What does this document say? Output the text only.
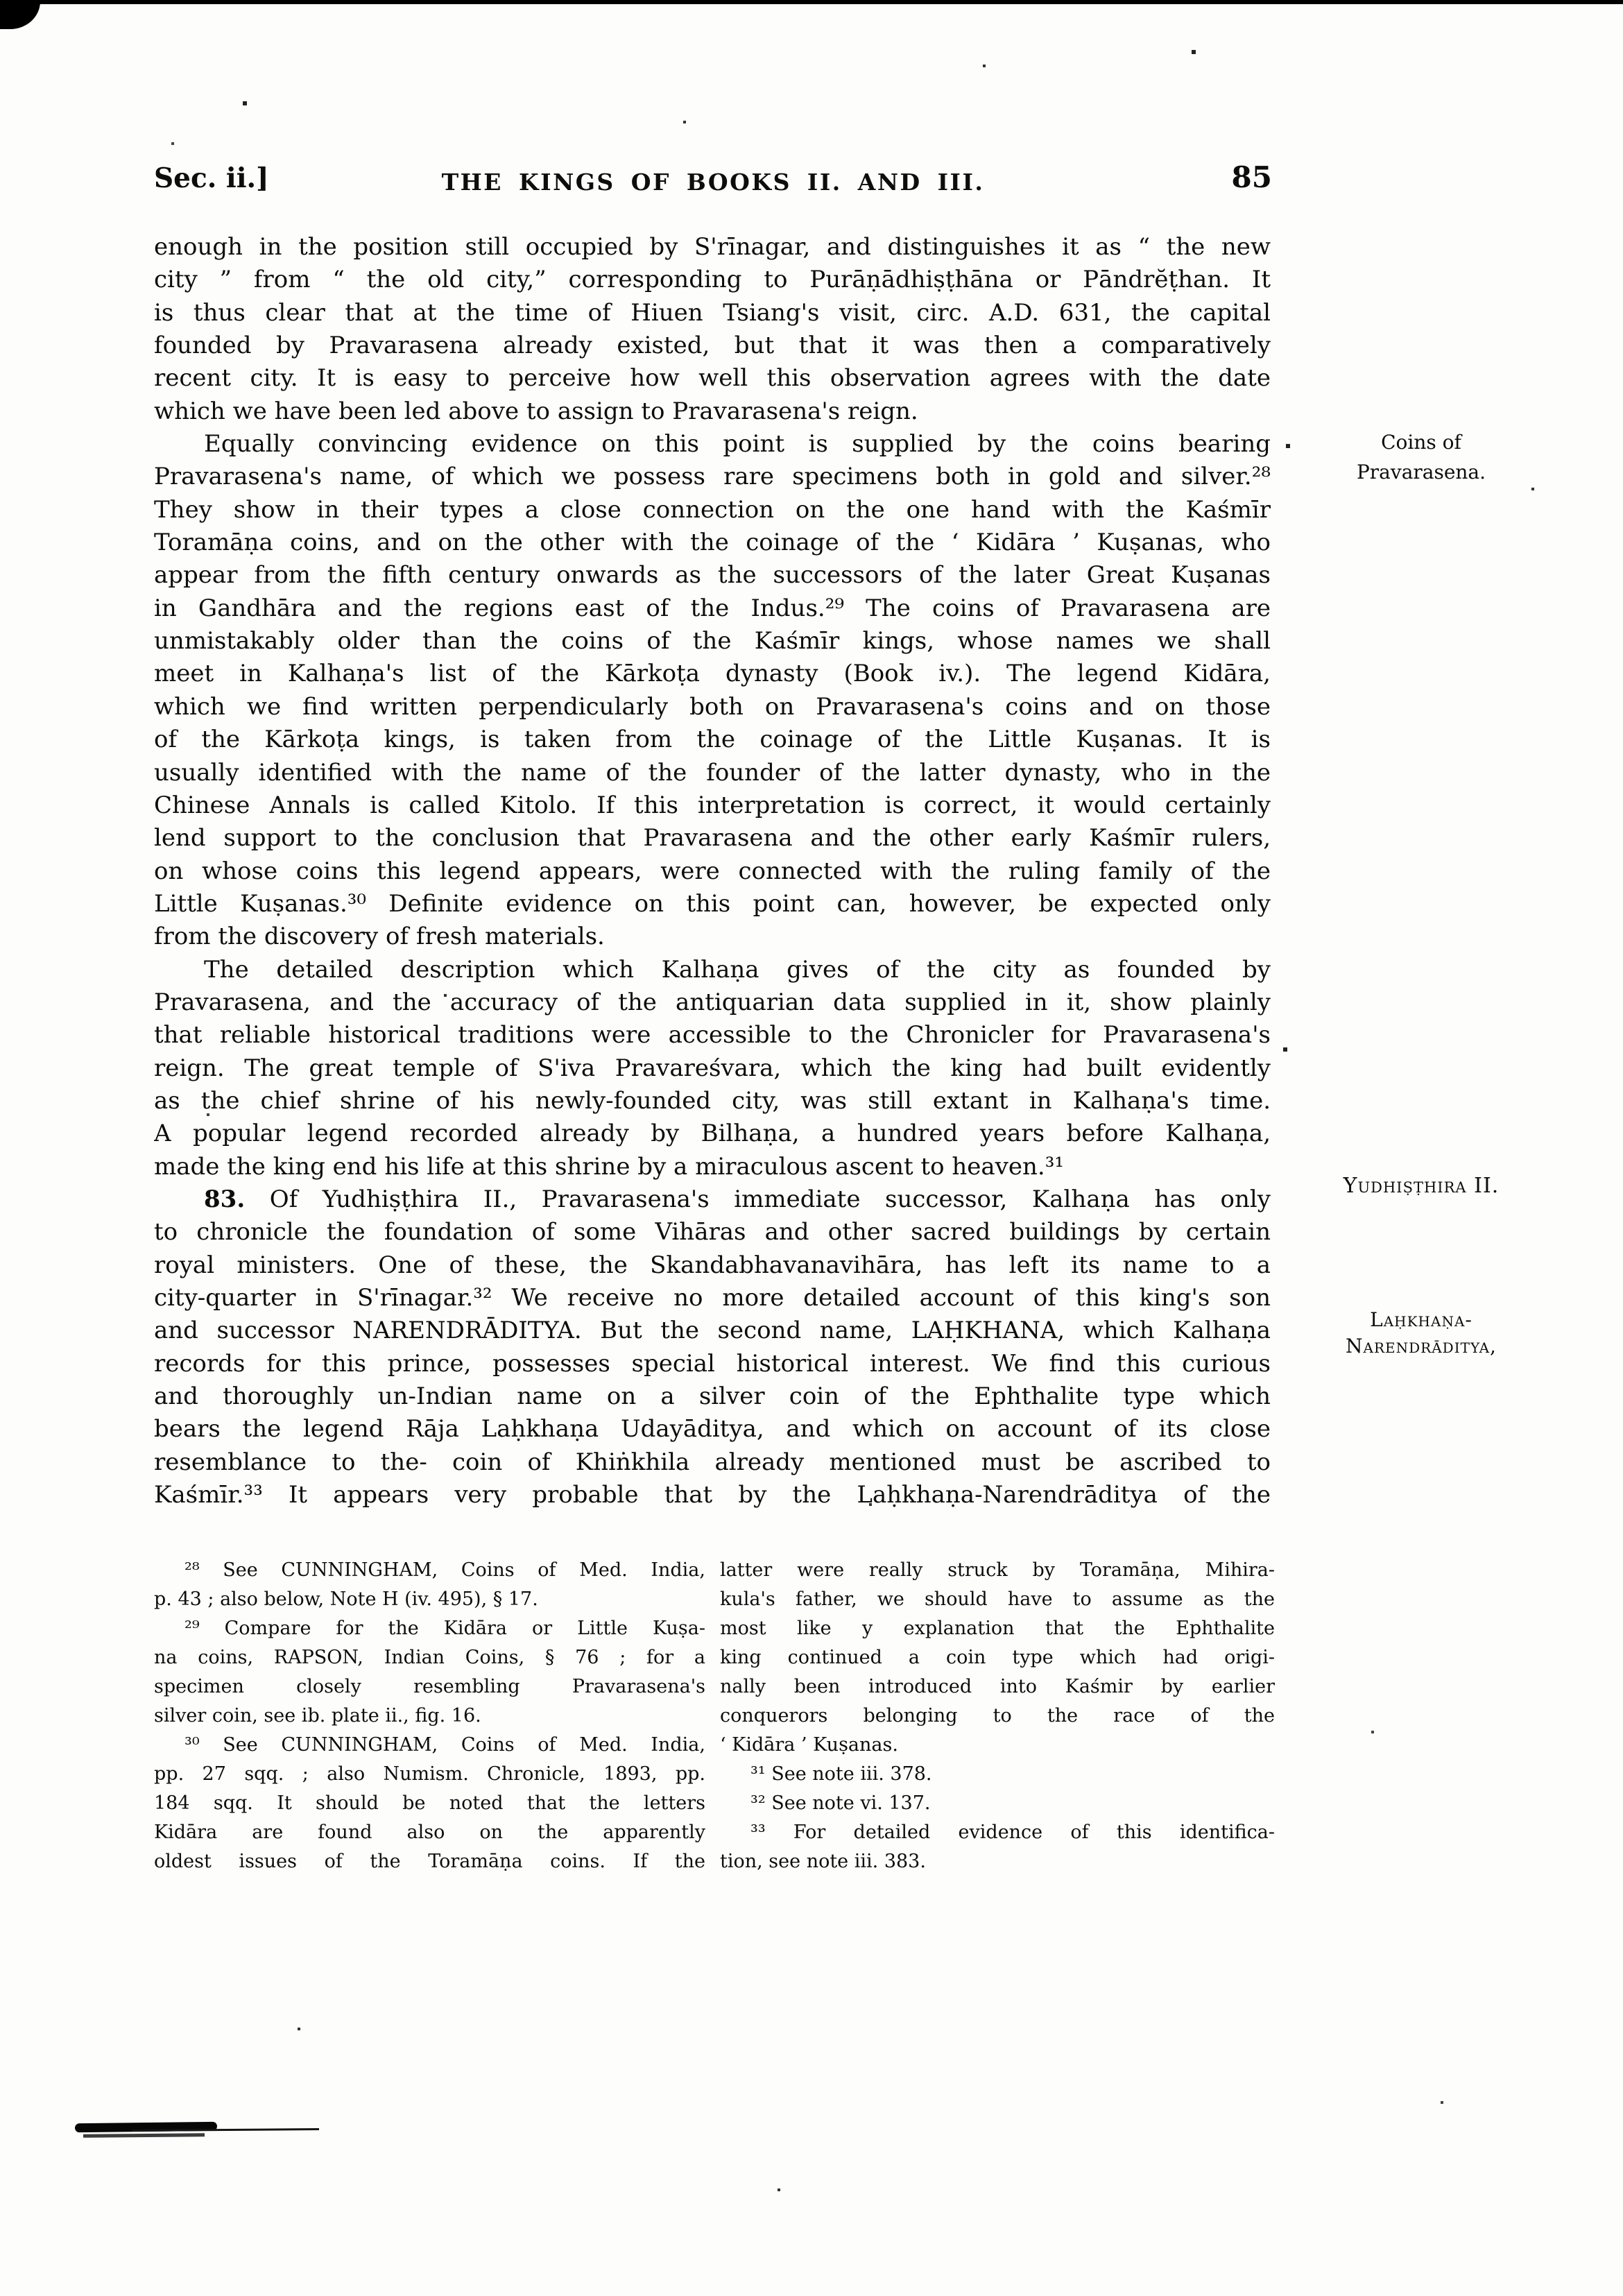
Sec. ii.]	THE KINGS OF BOOKS II. AND III.	85
enough in the position still occupied by S'rīnagar, and distinguishes it as “ the new
city ” from “ the old city,” corresponding to Purāṇādhiṣṭhāna or Pāndrĕṭhan. It
is thus clear that at the time of Hiuen Tsiang's visit, circ. A.D. 631, the capital
founded by Pravarasena already existed, but that it was then a comparatively
recent city. It is easy to perceive how well this observation agrees with the date
which we have been led above to assign to Pravarasena's reign.
Equally convincing evidence on this point is supplied by the coins bearing
Pravarasena's name, of which we possess rare specimens both in gold and silver.²⁸
They show in their types a close connection on the one hand with the Kaśmīr
Toramāṇa coins, and on the other with the coinage of the ‘ Kidāra ’ Kuṣanas, who
appear from the fifth century onwards as the successors of the later Great Kuṣanas
in Gandhāra and the regions east of the Indus.²⁹ The coins of Pravarasena are
unmistakably older than the coins of the Kaśmīr kings, whose names we shall
meet in Kalhaṇa's list of the Kārkoṭa dynasty (Book iv.). The legend Kidāra,
which we find written perpendicularly both on Pravarasena's coins and on those
of the Kārkoṭa kings, is taken from the coinage of the Little Kuṣanas. It is
usually identified with the name of the founder of the latter dynasty, who in the
Chinese Annals is called Kitolo. If this interpretation is correct, it would certainly
lend support to the conclusion that Pravarasena and the other early Kaśmīr rulers,
on whose coins this legend appears, were connected with the ruling family of the
Little Kuṣanas.³⁰ Definite evidence on this point can, however, be expected only
from the discovery of fresh materials.
The detailed description which Kalhaṇa gives of the city as founded by
Pravarasena, and the accuracy of the antiquarian data supplied in it, show plainly
that reliable historical traditions were accessible to the Chronicler for Pravarasena's
reign. The great temple of S'iva Pravareśvara, which the king had built evidently
as the chief shrine of his newly-founded city, was still extant in Kalhaṇa's time.
A popular legend recorded already by Bilhaṇa, a hundred years before Kalhaṇa,
made the king end his life at this shrine by a miraculous ascent to heaven.³¹
83. Of Yudhiṣṭhira II., Pravarasena's immediate successor, Kalhaṇa has only
to chronicle the foundation of some Vihāras and other sacred buildings by certain
royal ministers. One of these, the Skandabhavanavihāra, has left its name to a
city-quarter in S'rīnagar.³² We receive no more detailed account of this king's son
and successor NARENDRĀDITYA. But the second name, LAḤKHANA, which Kalhaṇa
records for this prince, possesses special historical interest. We find this curious
and thoroughly un-Indian name on a silver coin of the Ephthalite type which
bears the legend Rāja Laḥkhaṇa Udayāditya, and which on account of its close
resemblance to the- coin of Khiṅkhila already mentioned must be ascribed to
Kaśmīr.³³ It appears very probable that by the Laḥkhaṇa-Narendrāditya of the
Coins of
Pravarasena.
Yudhiṣṭhira II.
Laḥkhaṇa-
Narendrāditya,
²⁸ See CUNNINGHAM, Coins of Med. India,
p. 43 ; also below, Note H (iv. 495), § 17.
²⁹ Compare for the Kidāra or Little Kuṣa-
na coins, RAPSON, Indian Coins, § 76 ; for a
specimen closely resembling Pravarasena's
silver coin, see ib. plate ii., fig. 16.
³⁰ See CUNNINGHAM, Coins of Med. India,
pp. 27 sqq. ; also Numism. Chronicle, 1893, pp.
184 sqq. It should be noted that the letters
Kidāra are found also on the apparently
oldest issues of the Toramāṇa coins. If the
latter were really struck by Toramāṇa, Mihira-
kula's father, we should have to assume as the
most like y explanation that the Ephthalite
king continued a coin type which had origi-
nally been introduced into Kaśmir by earlier
conquerors belonging to the race of the
‘ Kidāra ’ Kuṣanas.
³¹ See note iii. 378.
³² See note vi. 137.
³³ For detailed evidence of this identifica-
tion, see note iii. 383.
